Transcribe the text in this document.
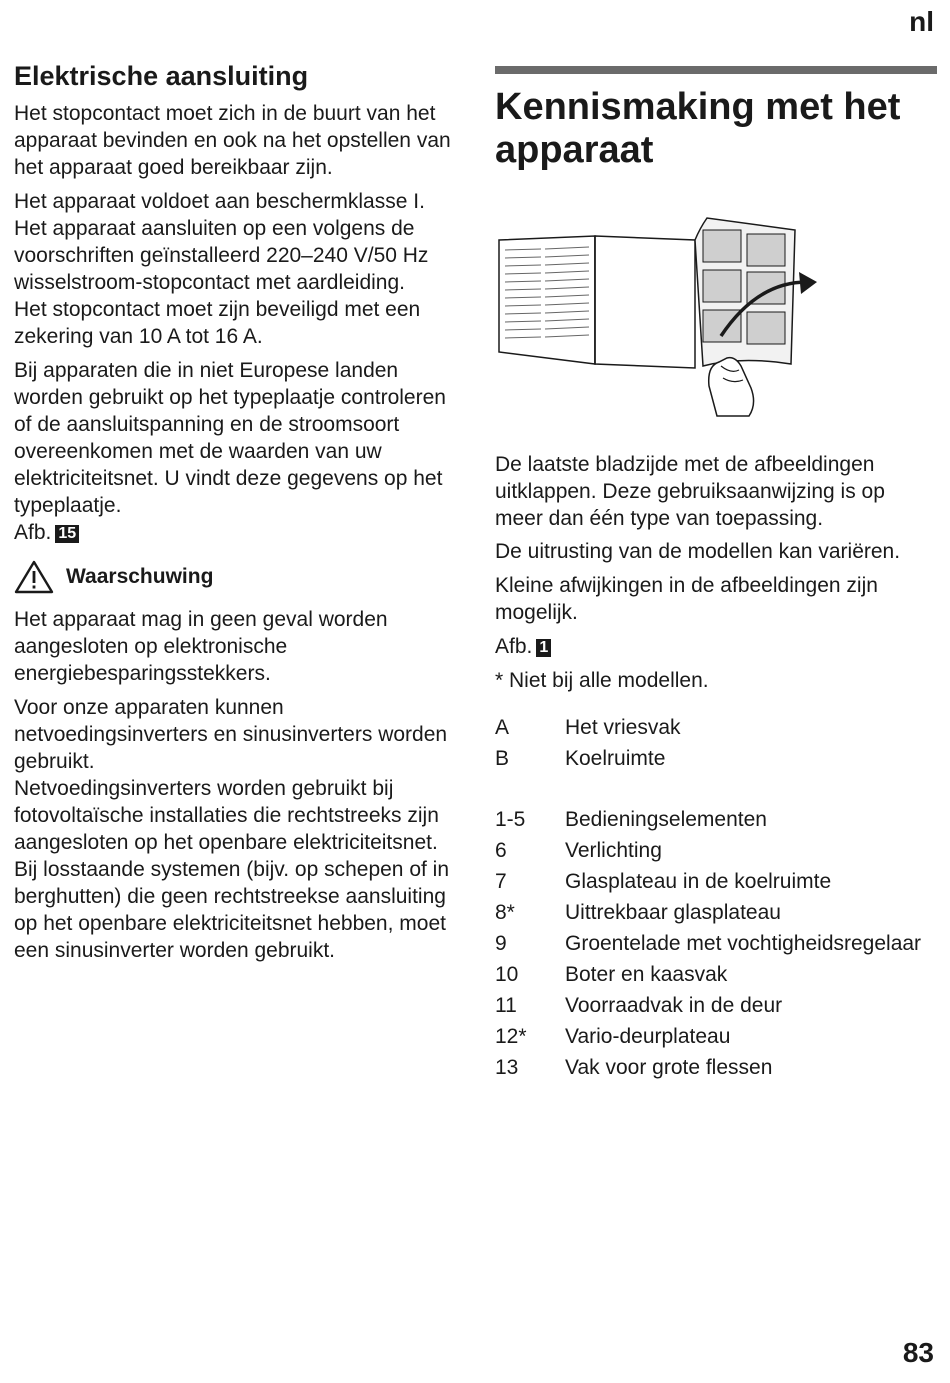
nl
Elektrische aansluiting

Het stopcontact moet zich in de buurt van het apparaat bevinden en ook na het opstellen van het apparaat goed bereikbaar zijn.

Het apparaat voldoet aan beschermklasse I. Het apparaat aansluiten op een volgens de voorschriften geïnstalleerd 220–240 V/50 Hz wisselstroom-stopcontact met aardleiding.

Het stopcontact moet zijn beveiligd met een zekering van 10 A tot 16 A.

Bij apparaten die in niet Europese landen worden gebruikt op het typeplaatje controleren of de aansluitspanning en de stroomsoort overeenkomen met de waarden van uw elektriciteitsnet. U vindt deze gegevens op het typeplaatje.

Afb. 15

Waarschuwing

Het apparaat mag in geen geval worden aangesloten op elektronische energiebesparingsstekkers.

Voor onze apparaten kunnen netvoedingsinverters en sinusinverters worden gebruikt.

Netvoedingsinverters worden gebruikt bij fotovoltaïsche installaties die rechtstreeks zijn aangesloten op het openbare elektriciteitsnet. Bij losstaande systemen (bijv. op schepen of in berghutten) die geen rechtstreekse aansluiting op het openbare elektriciteitsnet hebben, moet een sinusinverter worden gebruikt.

Kennismaking met het apparaat

De laatste bladzijde met de afbeeldingen uitklappen. Deze gebruiksaanwijzing is op meer dan één type van toepassing.

De uitrusting van de modellen kan variëren.

Kleine afwijkingen in de afbeeldingen zijn mogelijk.

Afb. 1

* Niet bij alle modellen.

A	Het vriesvak
B	Koelruimte
1-5	Bedieningselementen
6	Verlichting
7	Glasplateau in de koelruimte
8*	Uittrekbaar glasplateau
9	Groentelade met vochtigheidsregelaar
10	Boter en kaasvak
11	Voorraadvak in de deur
12*	Vario-deurplateau
13	Vak voor grote flessen
83
